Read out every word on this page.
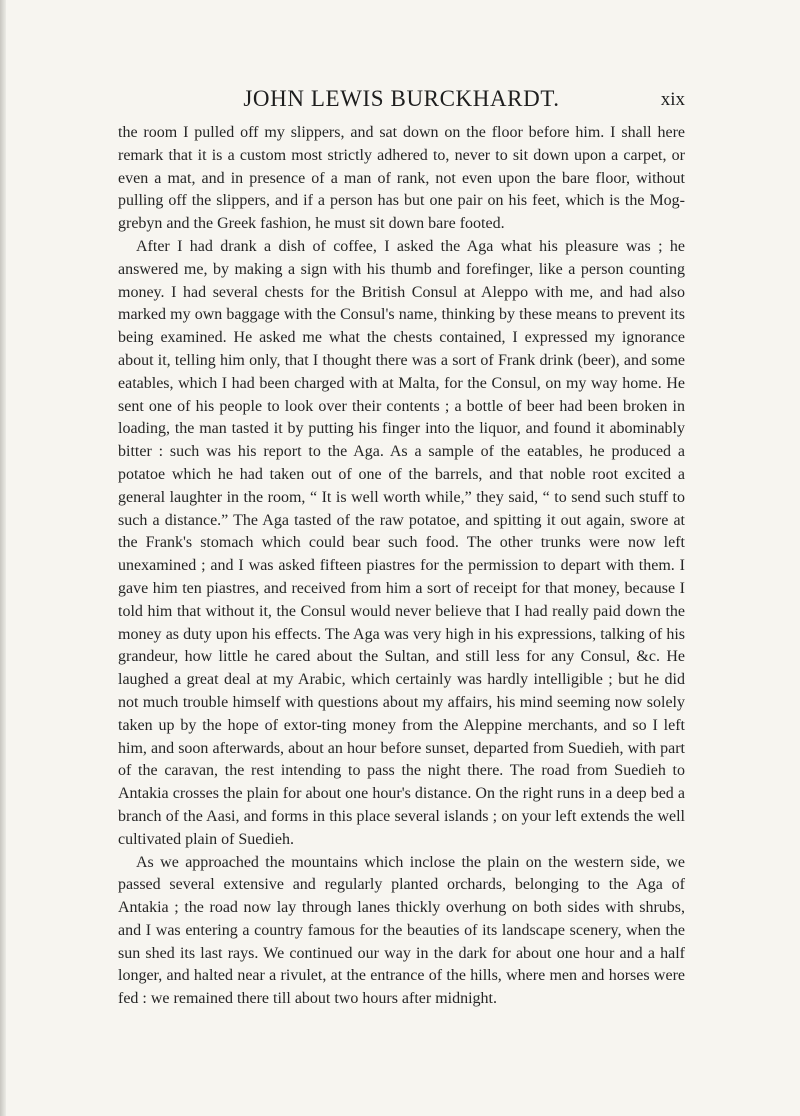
JOHN LEWIS BURCKHARDT.	xix

the room I pulled off my slippers, and sat down on the floor before him. I shall here remark that it is a custom most strictly adhered to, never to sit down upon a carpet, or even a mat, and in presence of a man of rank, not even upon the bare floor, without pulling off the slippers, and if a person has but one pair on his feet, which is the Mog-grebyn and the Greek fashion, he must sit down bare footed.

After I had drank a dish of coffee, I asked the Aga what his pleasure was ; he answered me, by making a sign with his thumb and forefinger, like a person counting money. I had several chests for the British Consul at Aleppo with me, and had also marked my own baggage with the Consul's name, thinking by these means to prevent its being examined. He asked me what the chests contained, I expressed my ignorance about it, telling him only, that I thought there was a sort of Frank drink (beer), and some eatables, which I had been charged with at Malta, for the Consul, on my way home. He sent one of his people to look over their contents ; a bottle of beer had been broken in loading, the man tasted it by putting his finger into the liquor, and found it abominably bitter : such was his report to the Aga. As a sample of the eatables, he produced a potatoe which he had taken out of one of the barrels, and that noble root excited a general laughter in the room, “ It is well worth while,” they said, “ to send such stuff to such a distance.” The Aga tasted of the raw potatoe, and spitting it out again, swore at the Frank's stomach which could bear such food. The other trunks were now left unexamined ; and I was asked fifteen piastres for the permission to depart with them. I gave him ten piastres, and received from him a sort of receipt for that money, because I told him that without it, the Consul would never believe that I had really paid down the money as duty upon his effects. The Aga was very high in his expressions, talking of his grandeur, how little he cared about the Sultan, and still less for any Consul, &c. He laughed a great deal at my Arabic, which certainly was hardly intelligible ; but he did not much trouble himself with questions about my affairs, his mind seeming now solely taken up by the hope of extor-ting money from the Aleppine merchants, and so I left him, and soon afterwards, about an hour before sunset, departed from Suedieh, with part of the caravan, the rest intending to pass the night there. The road from Suedieh to Antakia crosses the plain for about one hour's distance. On the right runs in a deep bed a branch of the Aasi, and forms in this place several islands ; on your left extends the well cultivated plain of Suedieh.

As we approached the mountains which inclose the plain on the western side, we passed several extensive and regularly planted orchards, belonging to the Aga of Antakia ; the road now lay through lanes thickly overhung on both sides with shrubs, and I was entering a country famous for the beauties of its landscape scenery, when the sun shed its last rays. We continued our way in the dark for about one hour and a half longer, and halted near a rivulet, at the entrance of the hills, where men and horses were fed : we remained there till about two hours after midnight.
